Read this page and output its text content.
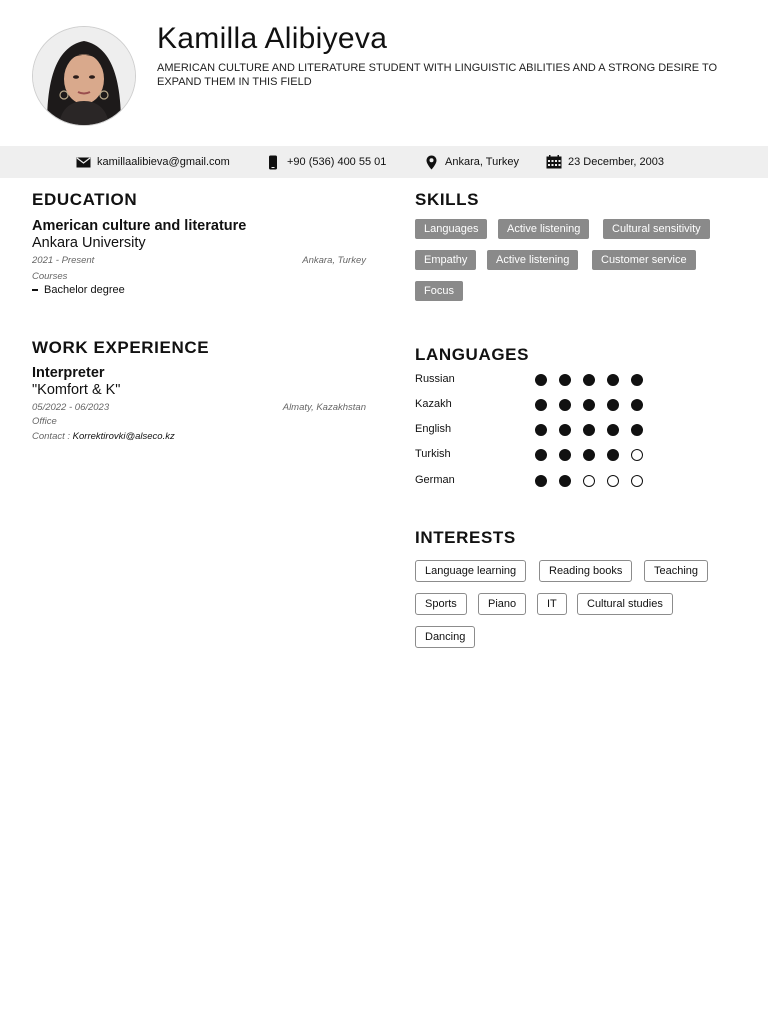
Kamilla Alibiyeva
AMERICAN CULTURE AND LITERATURE STUDENT WITH LINGUISTIC ABILITIES AND A STRONG DESIRE TO EXPAND THEM IN THIS FIELD
kamillaalibieva@gmail.com	+90 (536) 400 55 01	Ankara, Turkey	23 December, 2003
EDUCATION
American culture and literature
Ankara University
2021 - Present	Ankara, Turkey
Courses
Bachelor degree
WORK EXPERIENCE
Interpreter
"Komfort & K"
05/2022 - 06/2023	Almaty, Kazakhstan
Office
Contact : Korrektirovki@alseco.kz
SKILLS
Languages	Active listening	Cultural sensitivity
Empathy	Active listening	Customer service
Focus
LANGUAGES
Russian
Kazakh
English
Turkish
German
INTERESTS
Language learning	Reading books	Teaching
Sports	Piano	IT	Cultural studies
Dancing
